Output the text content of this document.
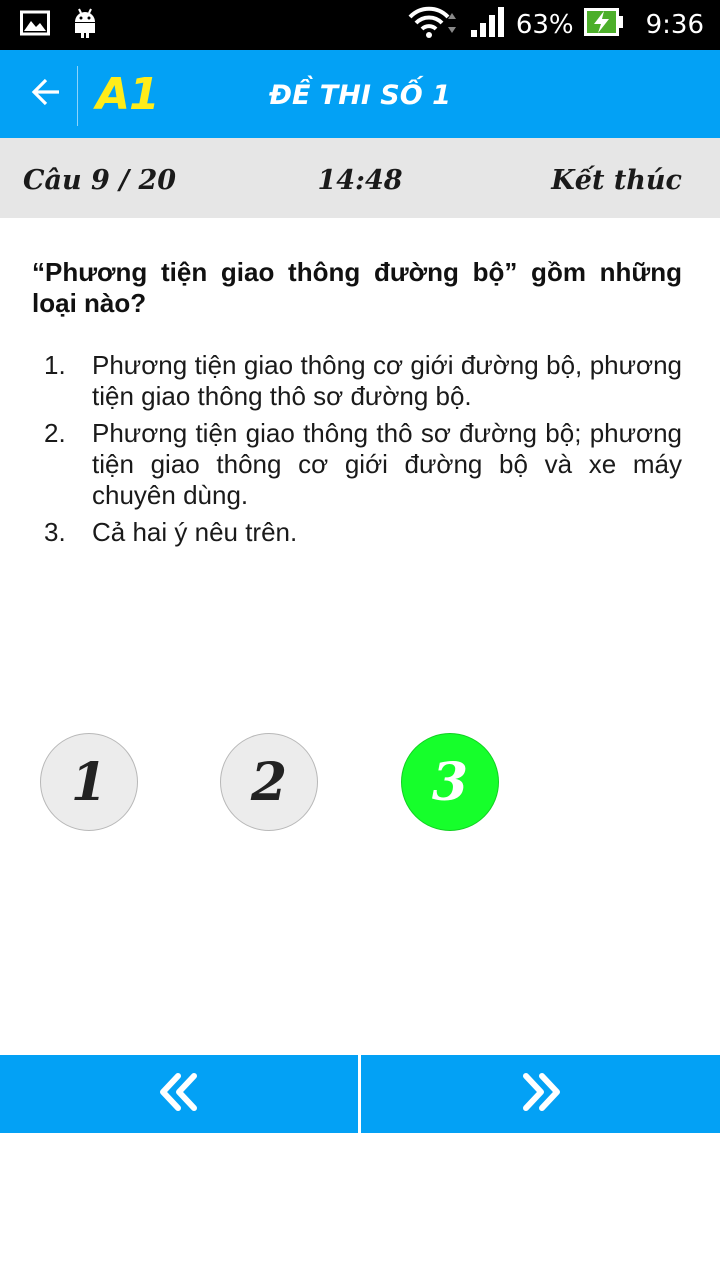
63%	9:36
A1	ĐỀ THI SỐ 1
Câu 9 / 20	14:48	Kết thúc
“Phương tiện giao thông đường bộ” gồm những loại nào?
1. Phương tiện giao thông cơ giới đường bộ, phương tiện giao thông thô sơ đường bộ.
2. Phương tiện giao thông thô sơ đường bộ; phương tiện giao thông cơ giới đường bộ và xe máy chuyên dùng.
3. Cả hai ý nêu trên.
1	2	3
